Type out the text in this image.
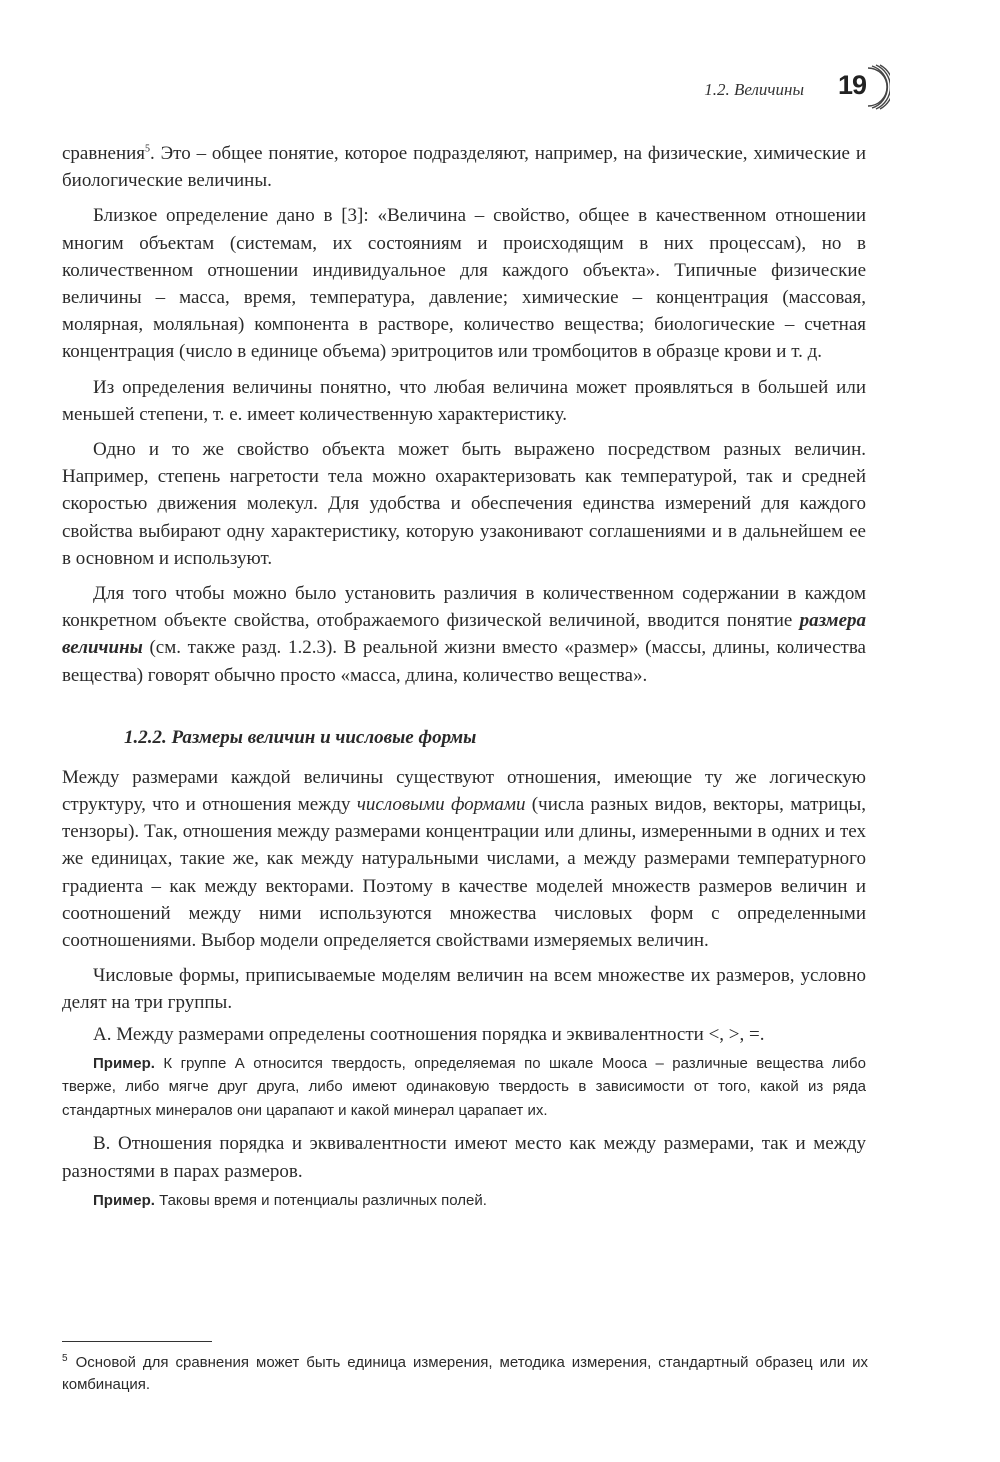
1.2. Величины 19

сравнения$^5$. Это – общее понятие, которое подразделяют, например, на физические, химические и биологические величины.

Близкое определение дано в [3]: «Величина – свойство, общее в качественном отношении многим объектам (системам, их состояниям и происходящим в них процессам), но в количественном отношении индивидуальное для каждого объекта». Типичные физические величины – масса, время, температура, давление; химические – концентрация (массовая, молярная, моляльная) компонента в растворе, количество вещества; биологические – счетная концентрация (число в единице объема) эритроцитов или тромбоцитов в образце крови и т. д.

Из определения величины понятно, что любая величина может проявляться в большей или меньшей степени, т. е. имеет количественную характеристику.

Одно и то же свойство объекта может быть выражено посредством разных величин. Например, степень нагретости тела можно охарактеризовать как температурой, так и средней скоростью движения молекул. Для удобства и обеспечения единства измерений для каждого свойства выбирают одну характеристику, которую узаконивают соглашениями и в дальнейшем ее в основном и используют.

Для того чтобы можно было установить различия в количественном содержании в каждом конкретном объекте свойства, отображаемого физической величиной, вводится понятие размера величины (см. также разд. 1.2.3). В реальной жизни вместо «размер» (массы, длины, количества вещества) говорят обычно просто «масса, длина, количество вещества».

1.2.2. Размеры величин и числовые формы

Между размерами каждой величины существуют отношения, имеющие ту же логическую структуру, что и отношения между числовыми формами (числа разных видов, векторы, матрицы, тензоры). Так, отношения между размерами концентрации или длины, измеренными в одних и тех же единицах, такие же, как между натуральными числами, а между размерами температурного градиента – как между векторами. Поэтому в качестве моделей множеств размеров величин и соотношений между ними используются множества числовых форм с определенными соотношениями. Выбор модели определяется свойствами измеряемых величин.

Числовые формы, приписываемые моделям величин на всем множестве их размеров, условно делят на три группы.

А. Между размерами определены соотношения порядка и эквивалентности <, >, =.

Пример. К группе А относится твердость, определяемая по шкале Мооса – различные вещества либо тверже, либо мягче друг друга, либо имеют одинаковую твердость в зависимости от того, какой из ряда стандартных минералов они царапают и какой минерал царапает их.

В. Отношения порядка и эквивалентности имеют место как между размерами, так и между разностями в парах размеров.

Пример. Таковы время и потенциалы различных полей.

$^5$ Основой для сравнения может быть единица измерения, методика измерения, стандартный образец или их комбинация.
